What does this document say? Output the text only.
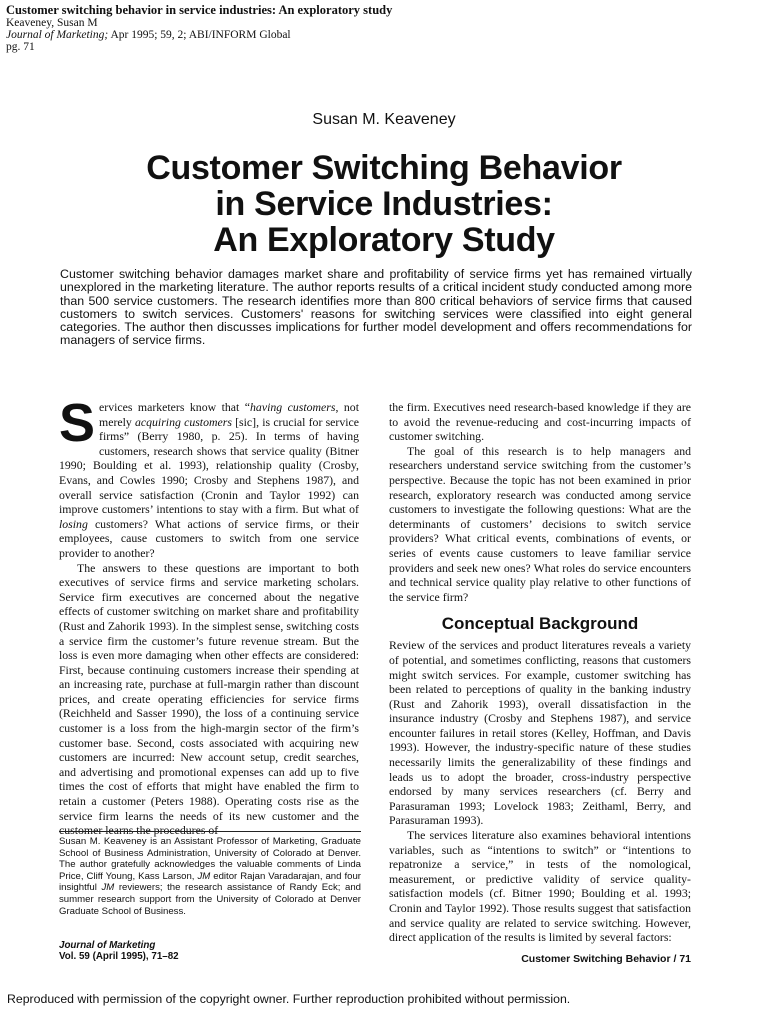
Customer switching behavior in service industries: An exploratory study
Keaveney, Susan M
Journal of Marketing; Apr 1995; 59, 2; ABI/INFORM Global
pg. 71
Susan M. Keaveney
Customer Switching Behavior
in Service Industries:
An Exploratory Study
Customer switching behavior damages market share and profitability of service firms yet has remained virtually unexplored in the marketing literature. The author reports results of a critical incident study conducted among more than 500 service customers. The research identifies more than 800 critical behaviors of service firms that caused customers to switch services. Customers' reasons for switching services were classified into eight general categories. The author then discusses implications for further model development and offers recommendations for managers of service firms.

Services marketers know that “having customers, not merely acquiring customers [sic], is crucial for service firms” (Berry 1980, p. 25). In terms of having customers, research shows that service quality (Bitner 1990; Boulding et al. 1993), relationship quality (Crosby, Evans, and Cowles 1990; Crosby and Stephens 1987), and overall service satisfaction (Cronin and Taylor 1992) can improve customers’ intentions to stay with a firm. But what of losing customers? What actions of service firms, or their employees, cause customers to switch from one service provider to another?

The answers to these questions are important to both executives of service firms and service marketing scholars. Service firm executives are concerned about the negative effects of customer switching on market share and profitability (Rust and Zahorik 1993). In the simplest sense, switching costs a service firm the customer’s future revenue stream. But the loss is even more damaging when other effects are considered: First, because continuing customers increase their spending at an increasing rate, purchase at full-margin rather than discount prices, and create operating efficiencies for service firms (Reichheld and Sasser 1990), the loss of a continuing service customer is a loss from the high-margin sector of the firm’s customer base. Second, costs associated with acquiring new customers are incurred: New account setup, credit searches, and advertising and promotional expenses can add up to five times the cost of efforts that might have enabled the firm to retain a customer (Peters 1988). Operating costs rise as the service firm learns the needs of its new customer and the customer learns the procedures of

the firm. Executives need research-based knowledge if they are to avoid the revenue-reducing and cost-incurring impacts of customer switching.

The goal of this research is to help managers and researchers understand service switching from the customer’s perspective. Because the topic has not been examined in prior research, exploratory research was conducted among service customers to investigate the following questions: What are the determinants of customers’ decisions to switch service providers? What critical events, combinations of events, or series of events cause customers to leave familiar service providers and seek new ones? What roles do service encounters and technical service quality play relative to other functions of the service firm?

Conceptual Background

Review of the services and product literatures reveals a variety of potential, and sometimes conflicting, reasons that customers might switch services. For example, customer switching has been related to perceptions of quality in the banking industry (Rust and Zahorik 1993), overall dissatisfaction in the insurance industry (Crosby and Stephens 1987), and service encounter failures in retail stores (Kelley, Hoffman, and Davis 1993). However, the industry-specific nature of these studies necessarily limits the generalizability of these findings and leads us to adopt the broader, cross-industry perspective endorsed by many services researchers (cf. Berry and Parasuraman 1993; Lovelock 1983; Zeithaml, Berry, and Parasuraman 1993).

The services literature also examines behavioral intentions variables, such as “intentions to switch” or “intentions to repatronize a service,” in tests of the nomological, measurement, or predictive validity of service quality-satisfaction models (cf. Bitner 1990; Boulding et al. 1993; Cronin and Taylor 1992). Those results suggest that satisfaction and service quality are related to service switching. However, direct application of the results is limited by several factors:

Susan M. Keaveney is an Assistant Professor of Marketing, Graduate School of Business Administration, University of Colorado at Denver. The author gratefully acknowledges the valuable comments of Linda Price, Cliff Young, Kass Larson, JM editor Rajan Varadarajan, and four insightful JM reviewers; the research assistance of Randy Eck; and summer research support from the University of Colorado at Denver Graduate School of Business.
Journal of Marketing
Vol. 59 (April 1995), 71–82	Customer Switching Behavior / 71
Reproduced with permission of the copyright owner. Further reproduction prohibited without permission.
